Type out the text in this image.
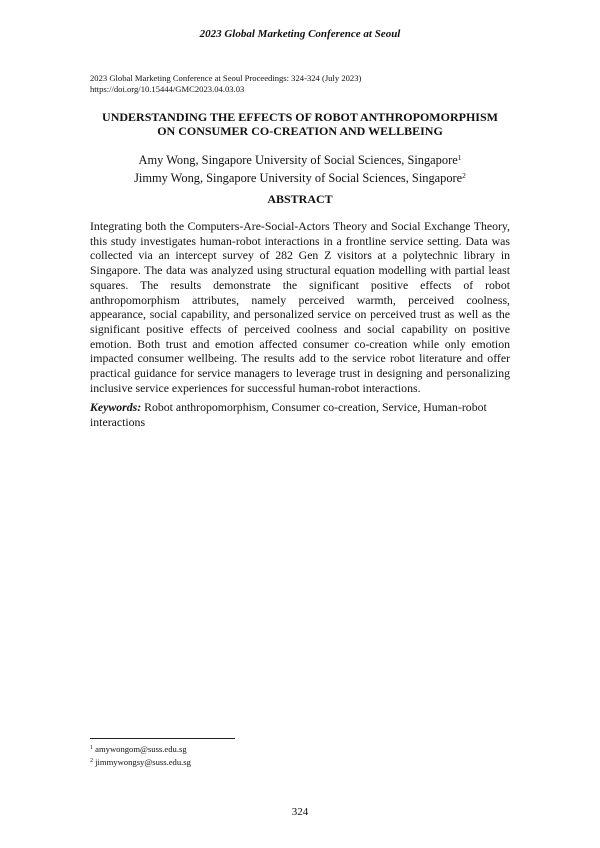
2023 Global Marketing Conference at Seoul
2023 Global Marketing Conference at Seoul Proceedings: 324-324 (July 2023)
https://doi.org/10.15444/GMC2023.04.03.03
UNDERSTANDING THE EFFECTS OF ROBOT ANTHROPOMORPHISM
ON CONSUMER CO-CREATION AND WELLBEING
Amy Wong, Singapore University of Social Sciences, Singapore$^1$
Jimmy Wong, Singapore University of Social Sciences, Singapore$^2$
ABSTRACT
Integrating both the Computers-Are-Social-Actors Theory and Social Exchange Theory, this study investigates human-robot interactions in a frontline service setting. Data was collected via an intercept survey of 282 Gen Z visitors at a polytechnic library in Singapore. The data was analyzed using structural equation modelling with partial least squares. The results demonstrate the significant positive effects of robot anthropomorphism attributes, namely perceived warmth, perceived coolness, appearance, social capability, and personalized service on perceived trust as well as the significant positive effects of perceived coolness and social capability on positive emotion. Both trust and emotion affected consumer co-creation while only emotion impacted consumer wellbeing. The results add to the service robot literature and offer practical guidance for service managers to leverage trust in designing and personalizing inclusive service experiences for successful human-robot interactions.
Keywords: Robot anthropomorphism, Consumer co-creation, Service, Human-robot interactions
$^1$ amywongom@suss.edu.sg
$^2$ jimmywongsy@suss.edu.sg
324
